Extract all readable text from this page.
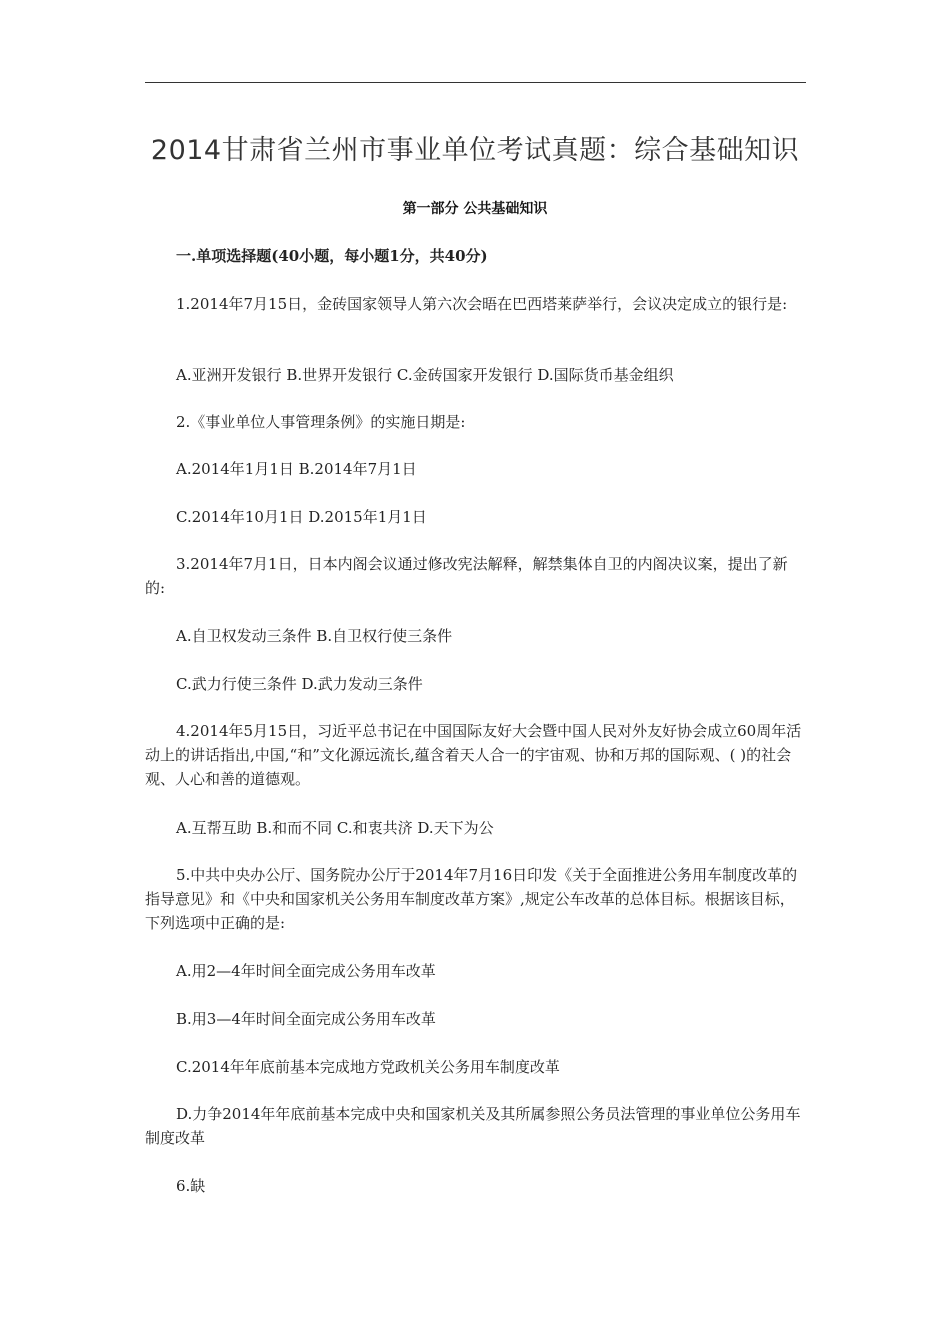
2014甘肃省兰州市事业单位考试真题：综合基础知识
第一部分 公共基础知识
一.单项选择题(40小题，每小题1分，共40分)
1.2014年7月15日，金砖国家领导人第六次会晤在巴西塔莱萨举行，会议决定成立的银行是:
A.亚洲开发银行 B.世界开发银行 C.金砖国家开发银行 D.国际货币基金组织
2.《事业单位人事管理条例》的实施日期是:
A.2014年1月1日 B.2014年7月1日
C.2014年10月1日 D.2015年1月1日
3.2014年7月1日，日本内阁会议通过修改宪法解释，解禁集体自卫的内阁决议案，提出了新的:
A.自卫权发动三条件 B.自卫权行使三条件
C.武力行使三条件 D.武力发动三条件
4.2014年5月15日，习近平总书记在中国国际友好大会暨中国人民对外友好协会成立60周年活动上的讲话指出,中国,“和”文化源远流长,蕴含着天人合一的宇宙观、协和万邦的国际观、( )的社会观、人心和善的道德观。
A.互帮互助 B.和而不同 C.和衷共济 D.天下为公
5.中共中央办公厅、国务院办公厅于2014年7月16日印发《关于全面推进公务用车制度改革的指导意见》和《中央和国家机关公务用车制度改革方案》,规定公车改革的总体目标。根据该目标，下列选项中正确的是:
A.用2—4年时间全面完成公务用车改革
B.用3—4年时间全面完成公务用车改革
C.2014年年底前基本完成地方党政机关公务用车制度改革
D.力争2014年年底前基本完成中央和国家机关及其所属参照公务员法管理的事业单位公务用车制度改革
6.缺
